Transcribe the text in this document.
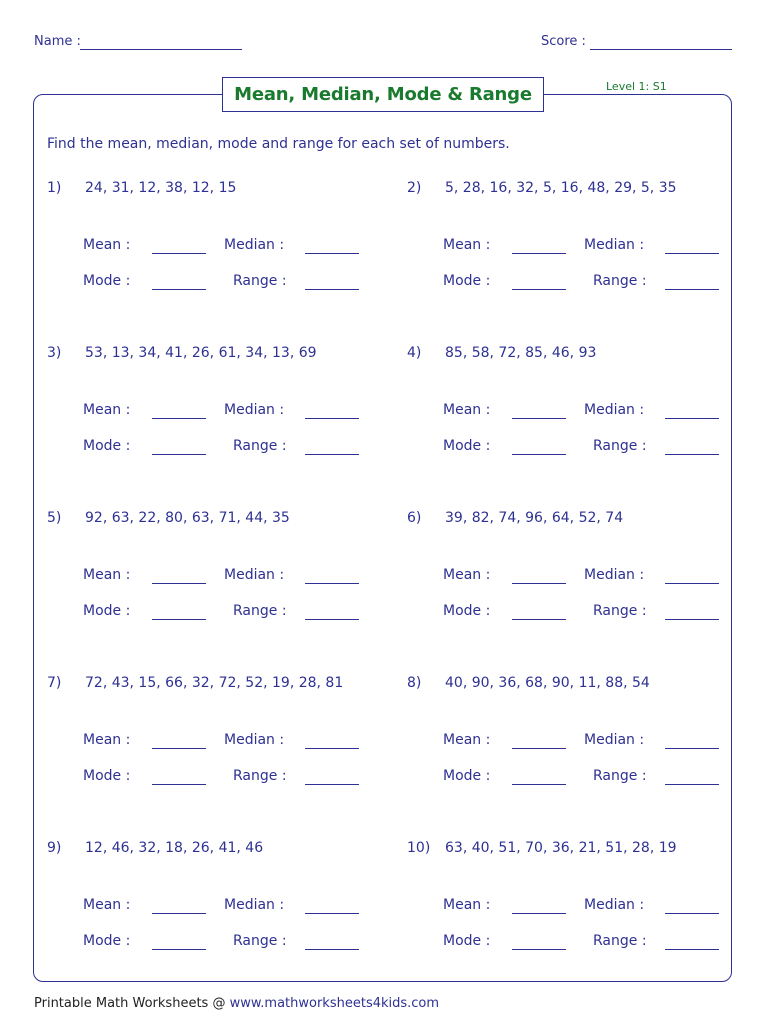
Name :	Score :
Mean, Median, Mode & Range	Level 1: S1
Find the mean, median, mode and range for each set of numbers.
1) 24, 31, 12, 38, 12, 15
Mean :	Median :
Mode :	Range :
2) 5, 28, 16, 32, 5, 16, 48, 29, 5, 35
Mean :	Median :
Mode :	Range :
3) 53, 13, 34, 41, 26, 61, 34, 13, 69
Mean :	Median :
Mode :	Range :
4) 85, 58, 72, 85, 46, 93
Mean :	Median :
Mode :	Range :
5) 92, 63, 22, 80, 63, 71, 44, 35
Mean :	Median :
Mode :	Range :
6) 39, 82, 74, 96, 64, 52, 74
Mean :	Median :
Mode :	Range :
7) 72, 43, 15, 66, 32, 72, 52, 19, 28, 81
Mean :	Median :
Mode :	Range :
8) 40, 90, 36, 68, 90, 11, 88, 54
Mean :	Median :
Mode :	Range :
9) 12, 46, 32, 18, 26, 41, 46
Mean :	Median :
Mode :	Range :
10) 63, 40, 51, 70, 36, 21, 51, 28, 19
Mean :	Median :
Mode :	Range :
Printable Math Worksheets @ www.mathworksheets4kids.com
